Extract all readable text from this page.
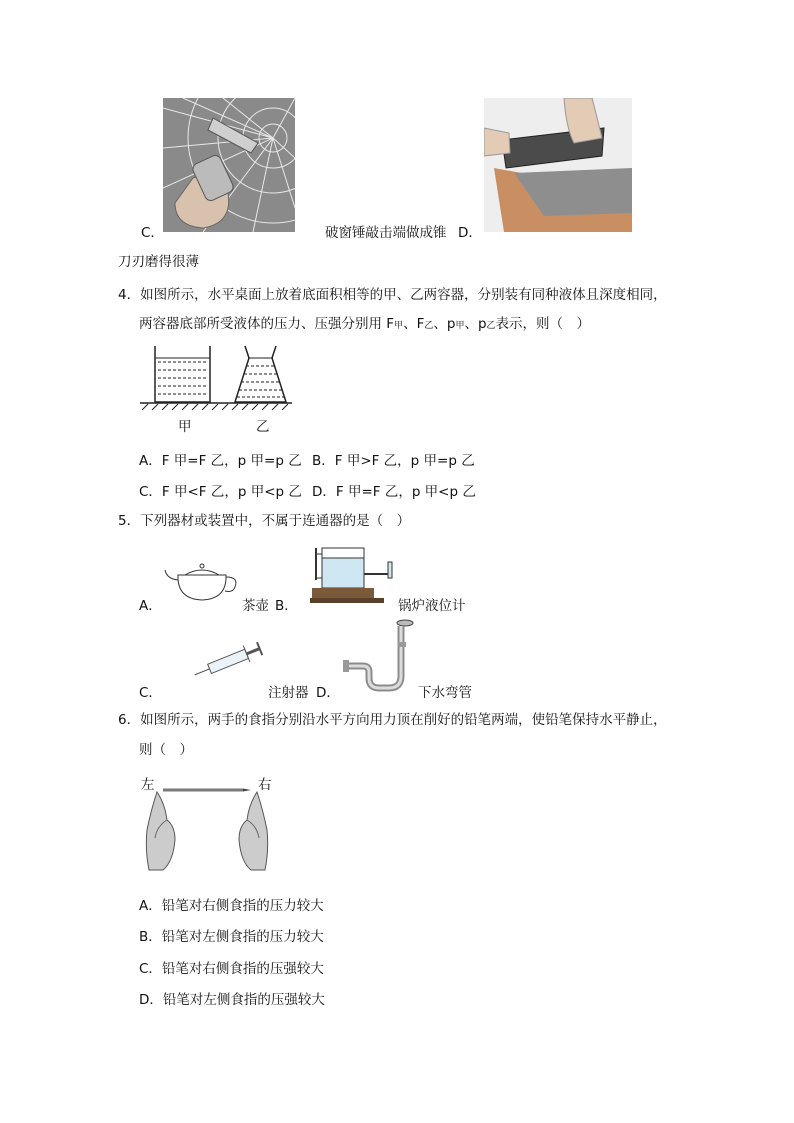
C．	破窗锤敲击端做成锥 D．
刀刃磨得很薄
4．如图所示，水平桌面上放着底面积相等的甲、乙两容器，分别装有同种液体且深度相同，
两容器底部所受液体的压力、压强分别用 F甲、F乙、p甲、p乙表示，则（　）
甲	乙
A．F 甲=F 乙，p 甲=p 乙 B．F 甲>F 乙，p 甲=p 乙
C．F 甲<F 乙，p 甲<p 乙 D．F 甲=F 乙，p 甲<p 乙
5．下列器材或装置中，不属于连通器的是（　）
A．	茶壶 B．	锅炉液位计
C．	注射器 D．	下水弯管
6．如图所示，两手的食指分别沿水平方向用力顶在削好的铅笔两端，使铅笔保持水平静止，
则（　）
左	右
A．铅笔对右侧食指的压力较大
B．铅笔对左侧食指的压力较大
C．铅笔对右侧食指的压强较大
D．铅笔对左侧食指的压强较大
